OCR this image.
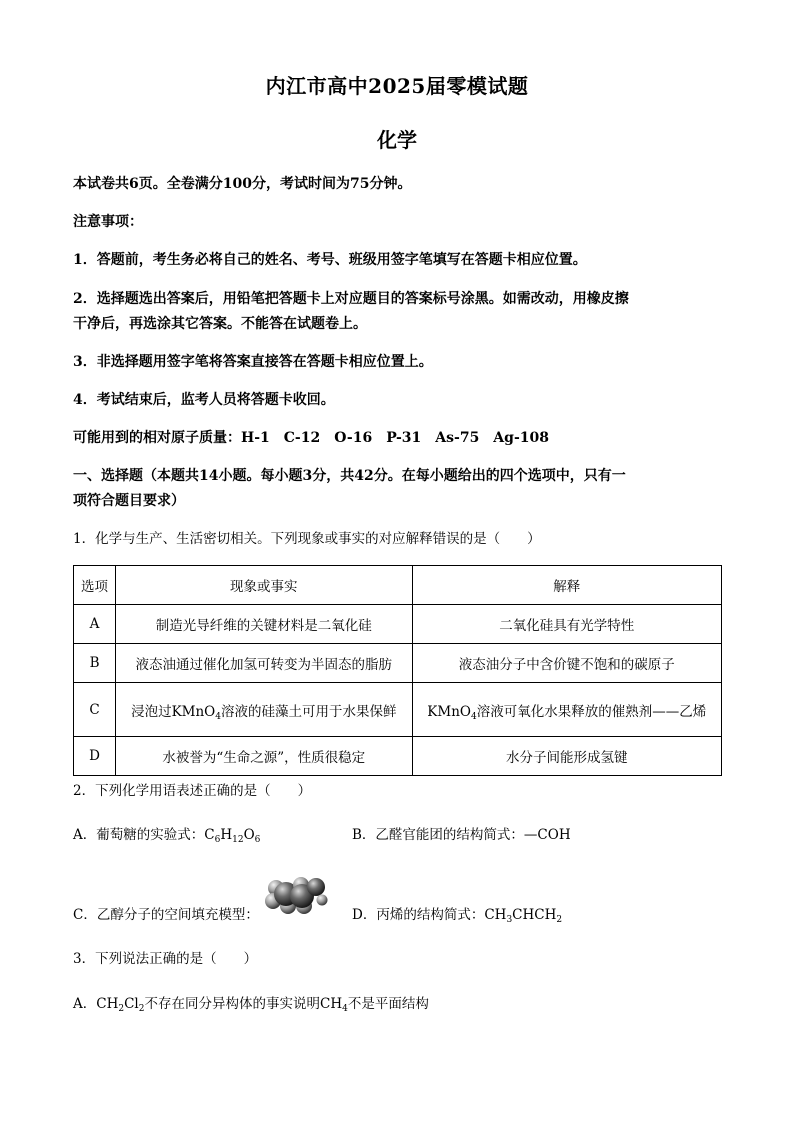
内江市高中2025届零模试题
化学
本试卷共6页。全卷满分100分，考试时间为75分钟。
注意事项：
1．答题前，考生务必将自己的姓名、考号、班级用签字笔填写在答题卡相应位置。
2．选择题选出答案后，用铅笔把答题卡上对应题目的答案标号涂黑。如需改动，用橡皮擦
干净后，再选涂其它答案。不能答在试题卷上。
3．非选择题用签字笔将答案直接答在答题卡相应位置上。
4．考试结束后，监考人员将答题卡收回。
可能用到的相对原子质量：H-1　C-12　O-16　P-31　As-75　Ag-108
一、选择题（本题共14小题。每小题3分，共42分。在每小题给出的四个选项中，只有一
项符合题目要求）
1．化学与生产、生活密切相关。下列现象或事实的对应解释错误的是（　　）
选项	现象或事实	解释
A	制造光导纤维的关键材料是二氧化硅	二氧化硅具有光学特性
B	液态油通过催化加氢可转变为半固态的脂肪	液态油分子中含价键不饱和的碳原子
C	浸泡过KMnO$_4$溶液的硅藻土可用于水果保鲜	KMnO$_4$溶液可氧化水果释放的催熟剂——乙烯
D	水被誉为“生命之源”，性质很稳定	水分子间能形成氢键
2．下列化学用语表述正确的是（　　）
A．葡萄糖的实验式：$C_6H_{12}O_6$	B．乙醛官能团的结构简式：—COH
C．乙醇分子的空间填充模型：	D．丙烯的结构简式：$CH_3CHCH_2$
3．下列说法正确的是（　　）
A．$CH_2Cl_2$不存在同分异构体的事实说明$CH_4$不是平面结构
